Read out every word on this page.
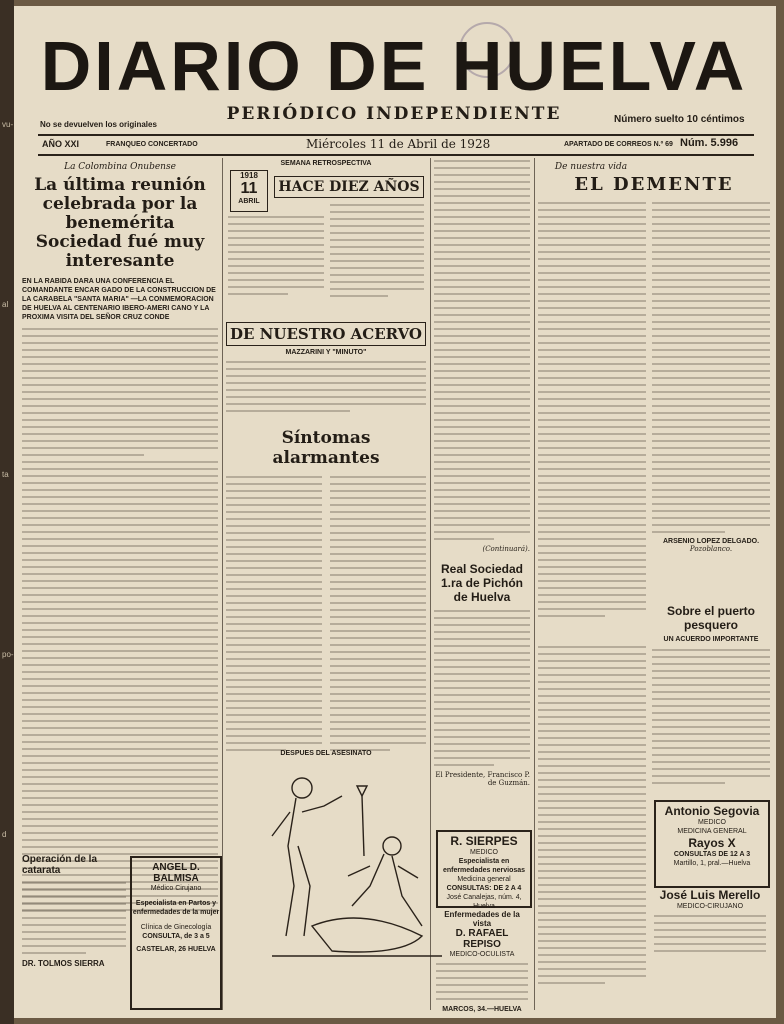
vu-
al
ta
po-
d
DIARIO DE HUELVA
No se devuelven los originales
PERIÓDICO INDEPENDIENTE	Número suelto 10 céntimos
AÑO XXI	FRANQUEO CONCERTADO	Miércoles 11 de Abril de 1928	APARTADO DE CORREOS N.º 69 Núm. 5.996
La Colombina Onubense
La última reunión celebrada por la benemérita Sociedad fué muy interesante
EN LA RABIDA DARA UNA CONFERENCIA EL COMANDANTE ENCAR GADO DE LA CONSTRUCCION DE LA CARABELA "SANTA MARIA" —LA CONMEMORACION DE HUELVA AL CENTENARIO IBERO-AMERI CANO Y LA PROXIMA VISITA DEL SEÑOR CRUZ CONDE
Operación de la catarata
DR. TOLMOS SIERRA
ANGEL D. BALMISA
Médico Cirujano
Especialista en Partos y enfermedades de la mujer
Clínica de Ginecología
CONSULTA, de 3 a 5
CASTELAR, 26 HUELVA
SEMANA RETROSPECTIVA
1918
11
ABRIL
HACE DIEZ AÑOS
DE NUESTRO ACERVO
MAZZARINI Y "MINUTO"
Síntomas alarmantes
DESPUES DEL ASESINATO
(Continuará).
Real Sociedad 1.ra de Pichón de Huelva
El Presidente, Francisco P. de Guzmán.
R. SIERPES
MEDICO
Especialista en enfermedades nerviosas
Medicina general
CONSULTAS: DE 2 A 4
José Canalejas, núm. 4, Huelva
Enfermedades de la vista
D. RAFAEL REPISO
MEDICO-OCULISTA
MARCOS, 34.—HUELVA
De nuestra vida
EL DEMENTE
ARSENIO LOPEZ DELGADO.
Pozoblanco.
Sobre el puerto pesquero
UN ACUERDO IMPORTANTE
Antonio Segovia
MEDICO
MEDICINA GENERAL
Rayos X
CONSULTAS DE 12 A 3
Martillo, 1, pral.—Huelva
José Luis Merello
MEDICO-CIRUJANO
